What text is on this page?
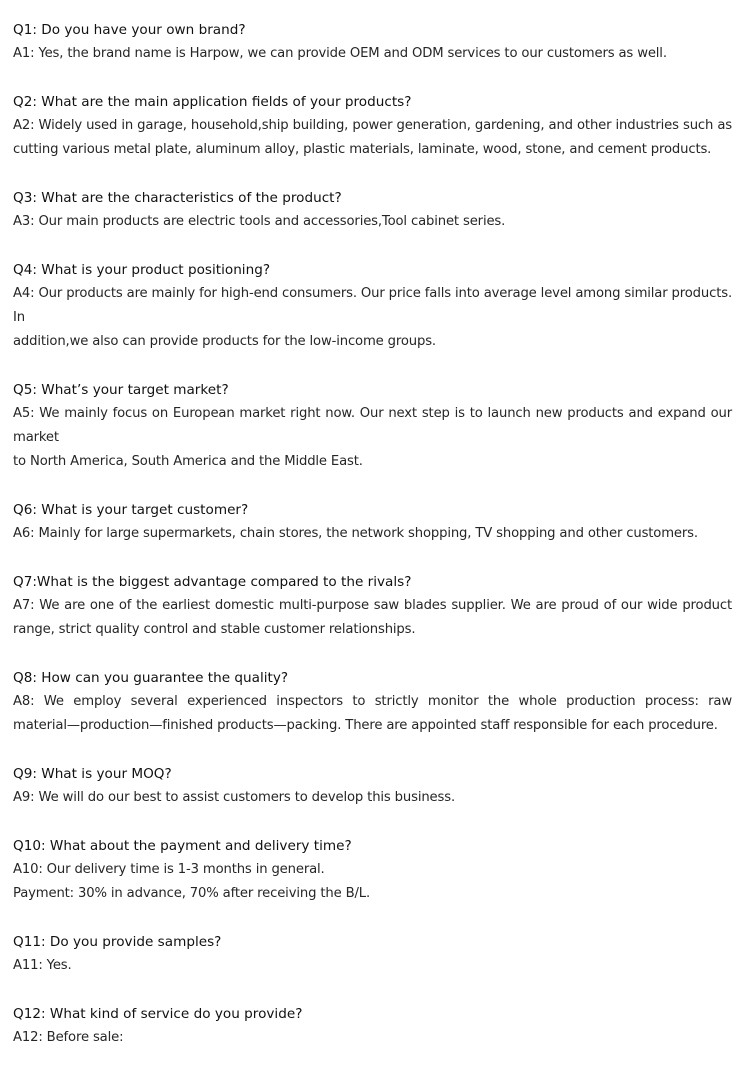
Q1: Do you have your own brand?
A1: Yes, the brand name is Harpow, we can provide OEM and ODM services to our customers as well.
Q2: What are the main application fields of your products?
A2: Widely used in garage, household,ship building, power generation, gardening, and other industries such as
cutting various metal plate, aluminum alloy, plastic materials, laminate, wood, stone, and cement products.
Q3: What are the characteristics of the product?
A3: Our main products are electric tools and accessories,Tool cabinet series.
Q4: What is your product positioning?
A4: Our products are mainly for high-end consumers. Our price falls into average level among similar products. In
addition,we also can provide products for the low-income groups.
Q5: What’s your target market?
A5: We mainly focus on European market right now. Our next step is to launch new products and expand our market
to North America, South America and the Middle East.
Q6: What is your target customer?
A6: Mainly for large supermarkets, chain stores, the network shopping, TV shopping and other customers.
Q7:What is the biggest advantage compared to the rivals?
A7: We are one of the earliest domestic multi-purpose saw blades supplier. We are proud of our wide product
range, strict quality control and stable customer relationships.
Q8: How can you guarantee the quality?
A8: We employ several experienced inspectors to strictly monitor the whole production process: raw
material—production—finished products—packing. There are appointed staff responsible for each procedure.
Q9: What is your MOQ?
A9: We will do our best to assist customers to develop this business.
Q10: What about the payment and delivery time?
A10: Our delivery time is 1-3 months in general.
Payment: 30% in advance, 70% after receiving the B/L.
Q11: Do you provide samples?
A11: Yes.
Q12: What kind of service do you provide?
A12: Before sale:
